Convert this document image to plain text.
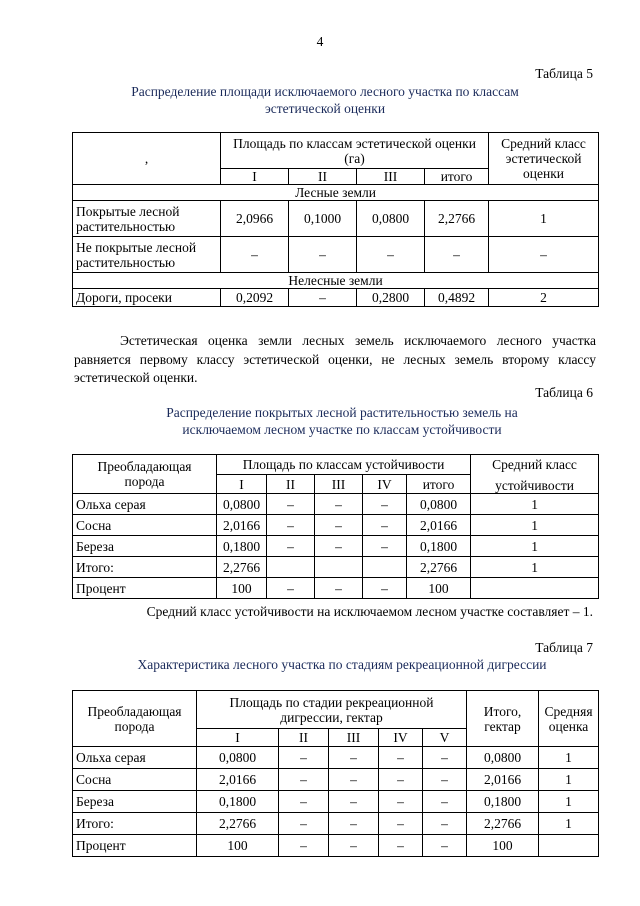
4
Таблица 5
Распределение площади исключаемого лесного участка по классам
эстетической оценки
,	Площадь по классам эстетической оценки (га)				Средний класс эстетической оценки
	I	II	III	итого	
Лесные земли					
Покрытые лесной растительностью	2,0966	0,1000	0,0800	2,2766	1
Не покрытые лесной растительностью	–	–	–	–	–
Нелесные земли					
Дороги, просеки	0,2092	–	0,2800	0,4892	2

Эстетическая оценка земли лесных земель исключаемого лесного участка равняется первому классу эстетической оценки, не лесных земель второму классу эстетической оценки.

Таблица 6
Распределение покрытых лесной растительностью земель на
исключаемом лесном участке по классам устойчивости
Преобладающая порода	Площадь по классам устойчивости					Средний класс
устойчивости

	I	II	III	IV	итого	
Ольха серая	0,0800	–	–	–	0,0800	1
Сосна	2,0166	–	–	–	2,0166	1
Береза	0,1800	–	–	–	0,1800	1
Итого:	2,2766				2,2766	1
Процент	100	–	–	–	100	
Средний класс устойчивости на исключаемом лесном участке составляет – 1.
Таблица 7
Характеристика лесного участка по стадиям рекреационной дигрессии
Преобладающая порода	Площадь по стадии рекреационной дигрессии, гектар					Итого, гектар	Средняя оценка
	I	II	III	IV	V		
Ольха серая	0,0800	–	–	–	–	0,0800	1
Сосна	2,0166	–	–	–	–	2,0166	1
Береза	0,1800	–	–	–	–	0,1800	1
Итого:	2,2766	–	–	–	–	2,2766	1
Процент	100	–	–	–	–	100	
